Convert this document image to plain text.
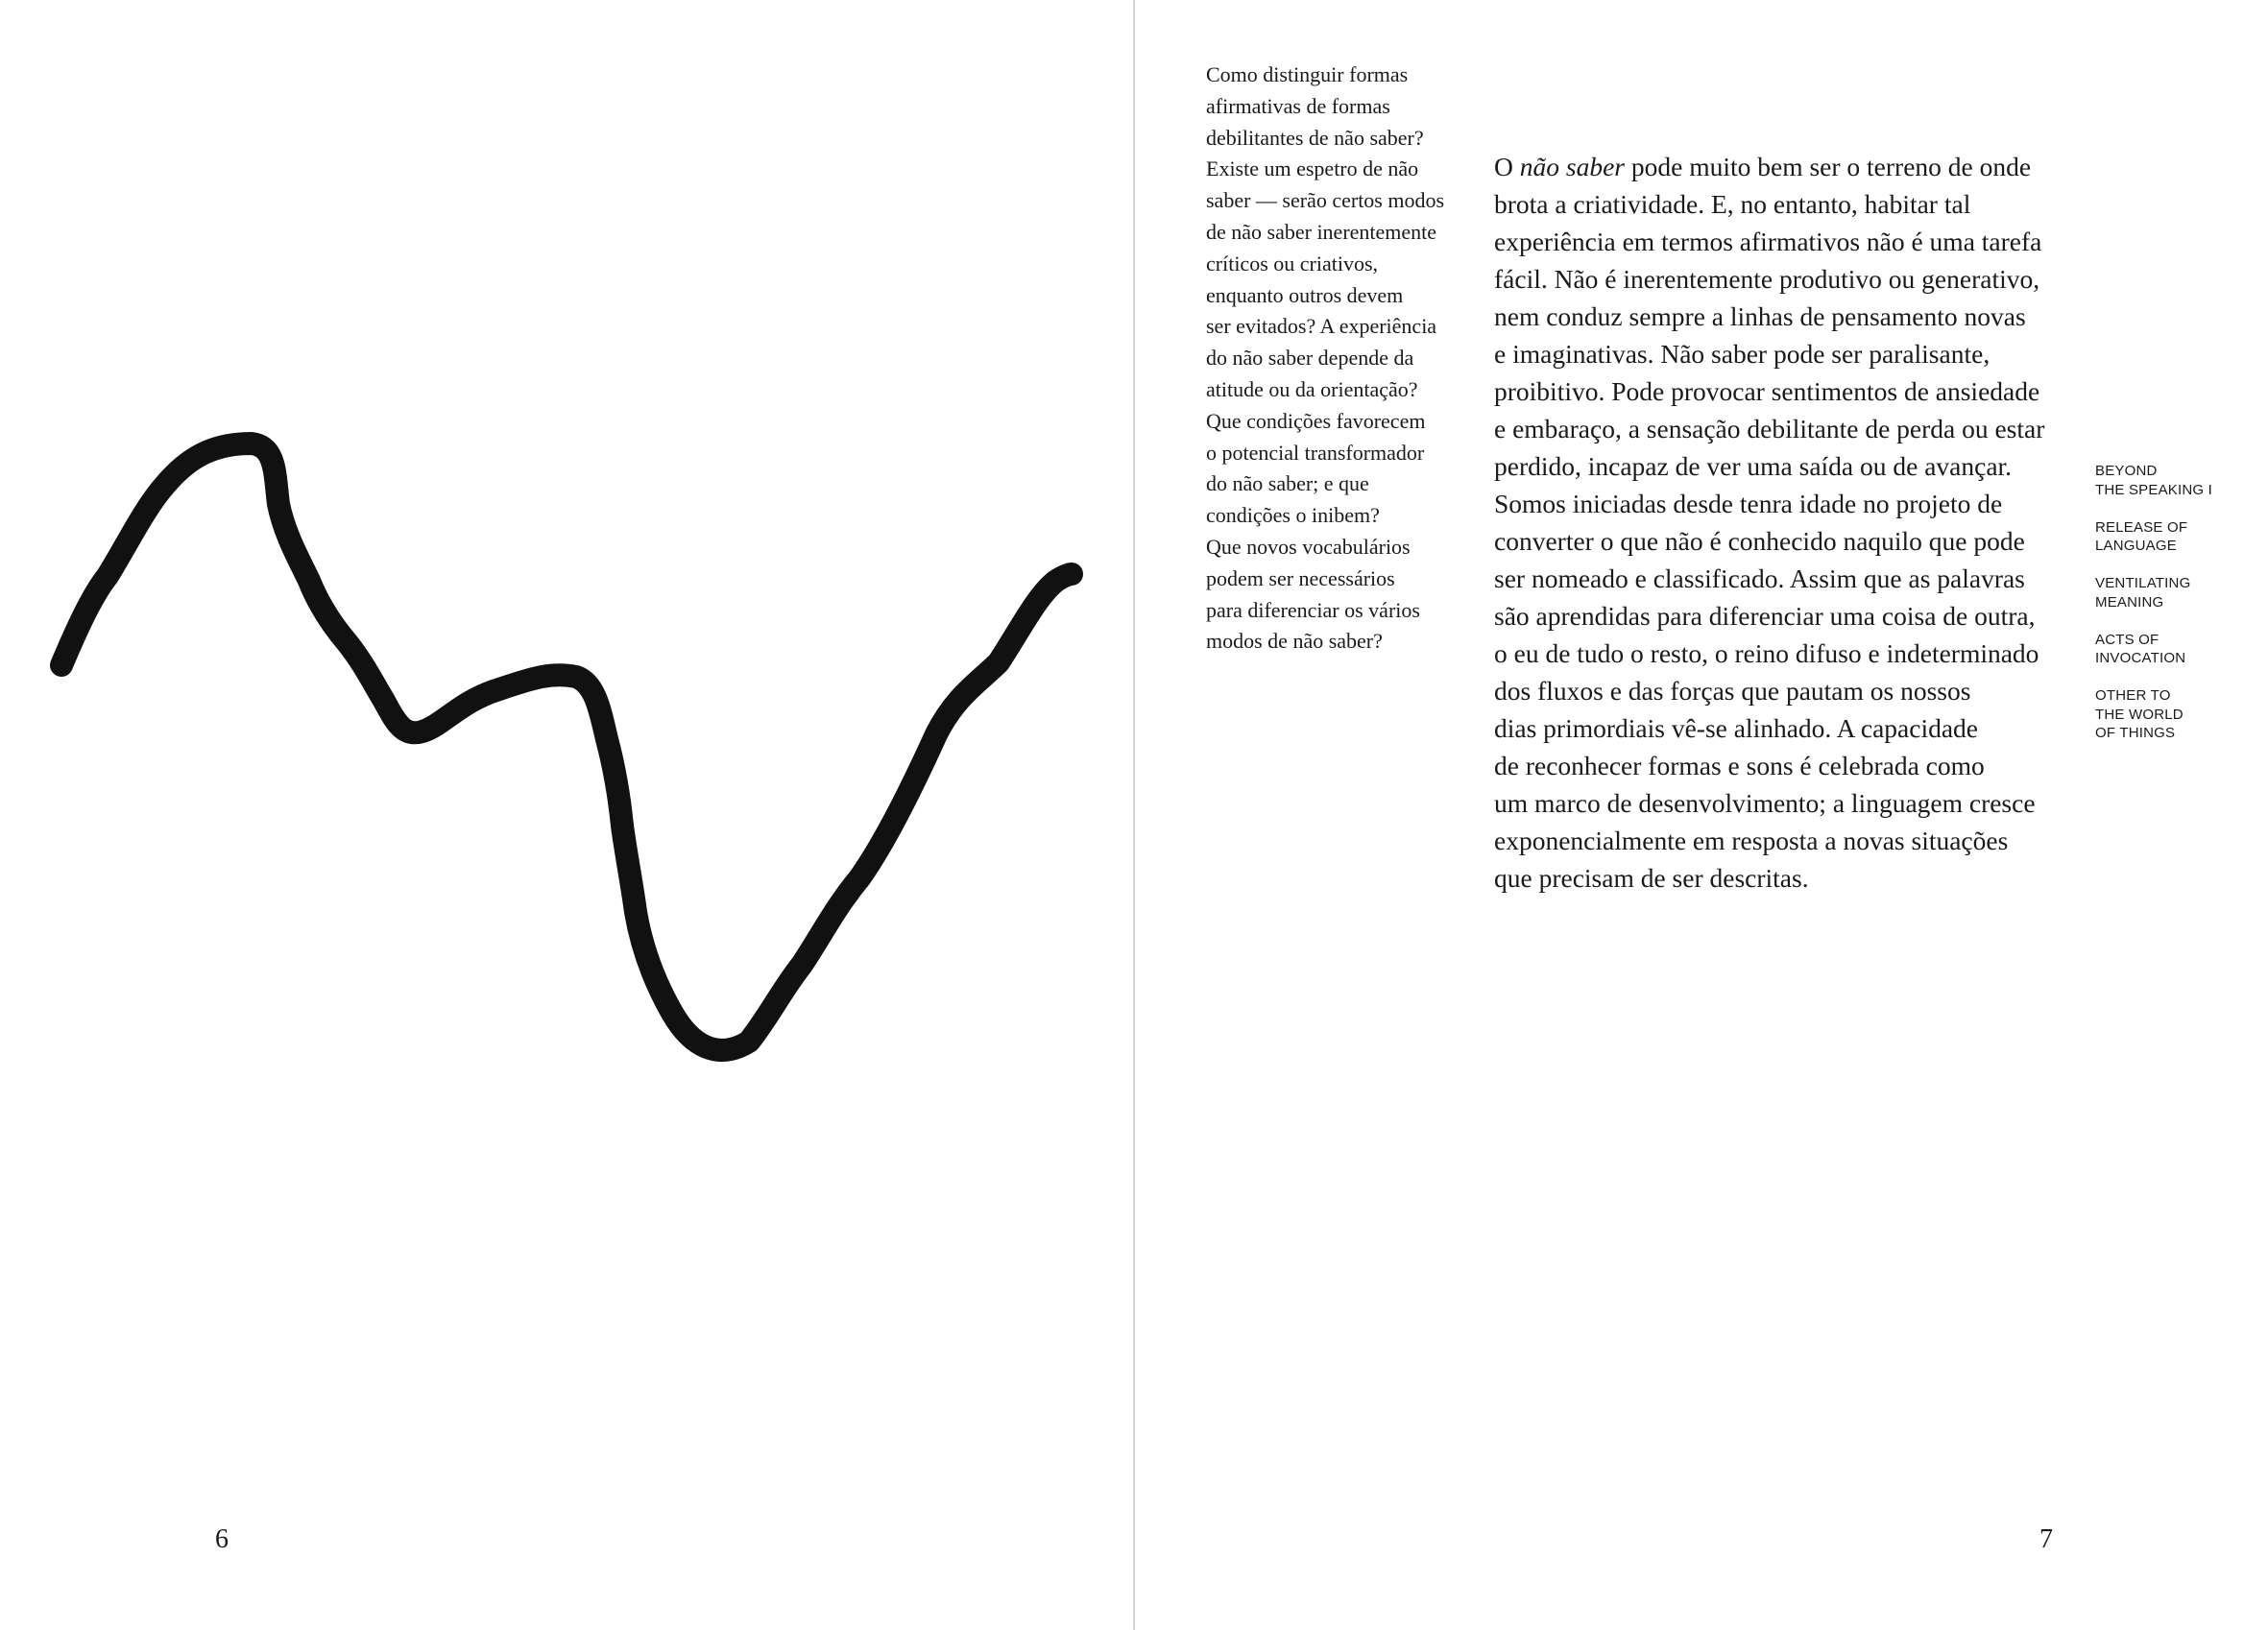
6

Como distinguir formas
afirmativas de formas
debilitantes de não saber?
Existe um espetro de não
saber — serão certos modos
de não saber inerentemente
críticos ou criativos,
enquanto outros devem
ser evitados? A experiência
do não saber depende da
atitude ou da orientação?
Que condições favorecem
o potencial transformador
do não saber; e que
condições o inibem?
Que novos vocabulários
podem ser necessários
para diferenciar os vários
modos de não saber?

O não saber pode muito bem ser o terreno de onde
brota a criatividade. E, no entanto, habitar tal
experiência em termos afirmativos não é uma tarefa
fácil. Não é inerentemente produtivo ou generativo,
nem conduz sempre a linhas de pensamento novas
e imaginativas. Não saber pode ser paralisante,
proibitivo. Pode provocar sentimentos de ansiedade
e embaraço, a sensação debilitante de perda ou estar
perdido, incapaz de ver uma saída ou de avançar.
Somos iniciadas desde tenra idade no projeto de
converter o que não é conhecido naquilo que pode
ser nomeado e classificado. Assim que as palavras
são aprendidas para diferenciar uma coisa de outra,
o eu de tudo o resto, o reino difuso e indeterminado
dos fluxos e das forças que pautam os nossos
dias primordiais vê-se alinhado. A capacidade
de reconhecer formas e sons é celebrada como
um marco de desenvolvimento; a linguagem cresce
exponencialmente em resposta a novas situações
que precisam de ser descritas.

BEYOND
THE SPEAKING I
RELEASE OF
LANGUAGE
VENTILATING
MEANING
ACTS OF
INVOCATION
OTHER TO
THE WORLD
OF THINGS
7
